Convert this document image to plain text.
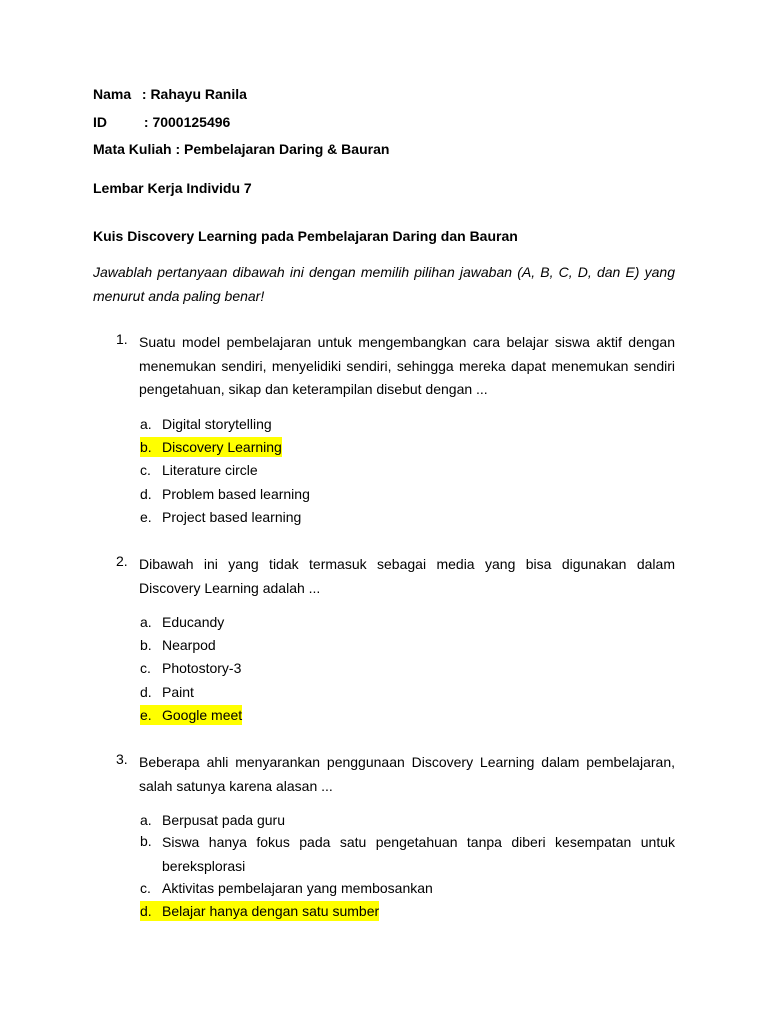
Nama : Rahayu Ranila
ID	: 7000125496
Mata Kuliah : Pembelajaran Daring & Bauran
Lembar Kerja Individu 7
Kuis Discovery Learning pada Pembelajaran Daring dan Bauran
Jawablah pertanyaan dibawah ini dengan memilih pilihan jawaban (A, B, C, D, dan E) yang menurut anda paling benar!
1. Suatu model pembelajaran untuk mengembangkan cara belajar siswa aktif dengan menemukan sendiri, menyelidiki sendiri, sehingga mereka dapat menemukan sendiri pengetahuan, sikap dan keterampilan disebut dengan ...
a. Digital storytelling
b. Discovery Learning
c. Literature circle
d. Problem based learning
e. Project based learning
2. Dibawah ini yang tidak termasuk sebagai media yang bisa digunakan dalam Discovery Learning adalah ...
a. Educandy
b. Nearpod
c. Photostory-3
d. Paint
e. Google meet
3. Beberapa ahli menyarankan penggunaan Discovery Learning dalam pembelajaran, salah satunya karena alasan ...
a. Berpusat pada guru
b. Siswa hanya fokus pada satu pengetahuan tanpa diberi kesempatan untuk bereksplorasi
c. Aktivitas pembelajaran yang membosankan
d. Belajar hanya dengan satu sumber
